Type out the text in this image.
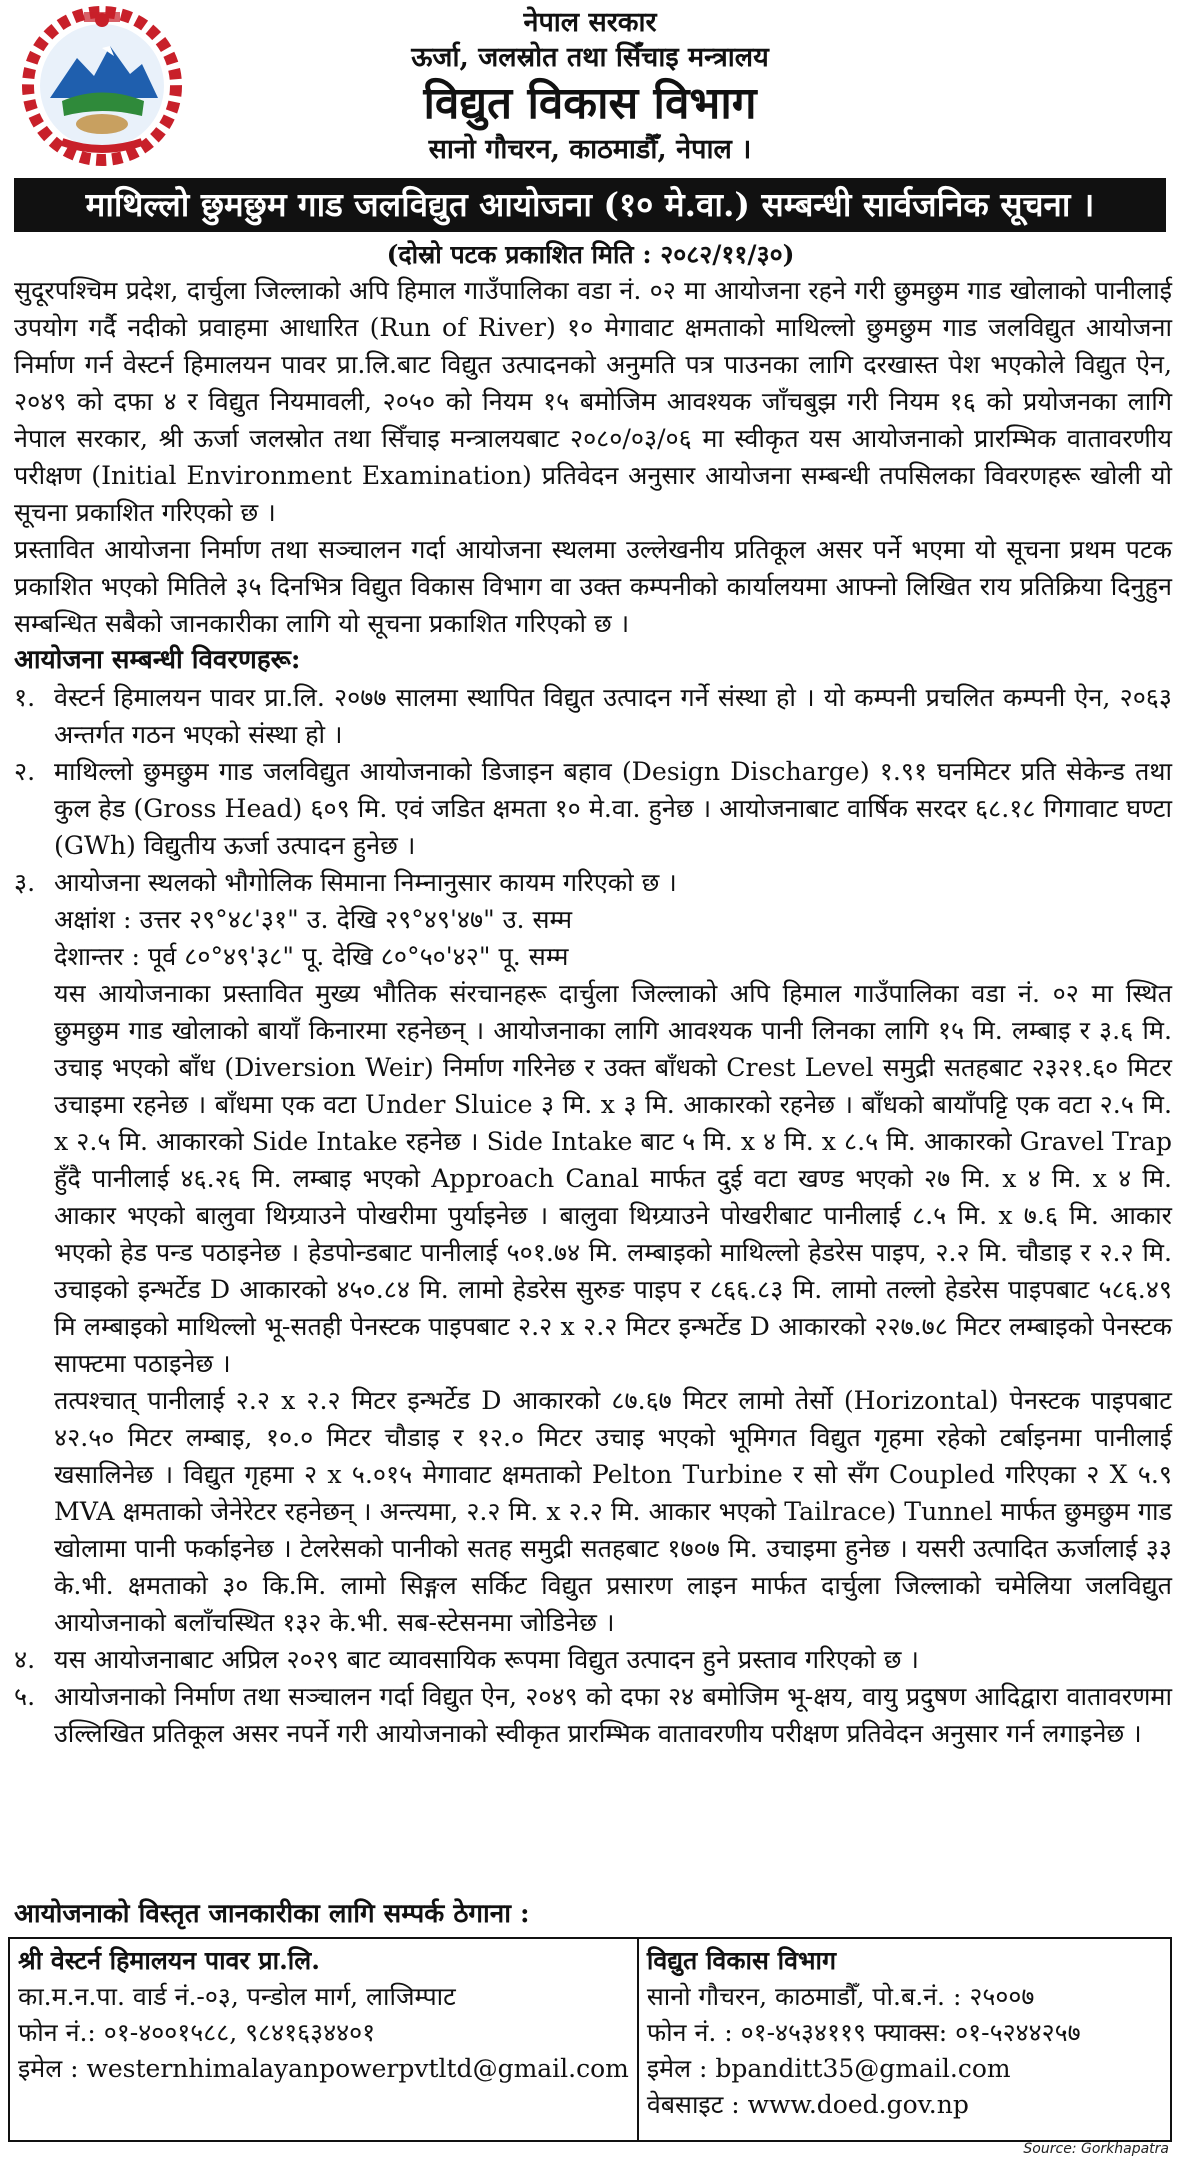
नेपाल सरकार
ऊर्जा, जलस्रोत तथा सिँचाइ मन्त्रालय
विद्युत विकास विभाग
सानो गौचरन, काठमाडौँ, नेपाल ।
माथिल्लो छुमछुम गाड जलविद्युत आयोजना (१० मे.वा.) सम्बन्धी सार्वजनिक सूचना ।
(दोस्रो पटक प्रकाशित मिति : २०८२/११/३०)

सुदूरपश्चिम प्रदेश, दार्चुला जिल्लाको अपि हिमाल गाउँपालिका वडा नं. ०२ मा आयोजना रहने गरी छुमछुम गाड खोलाको पानीलाई उपयोग गर्दै नदीको प्रवाहमा आधारित (Run of River) १० मेगावाट क्षमताको माथिल्लो छुमछुम गाड जलविद्युत आयोजना निर्माण गर्न वेस्टर्न हिमालयन पावर प्रा.लि.बाट विद्युत उत्पादनको अनुमति पत्र पाउनका लागि दरखास्त पेश भएकोले विद्युत ऐन, २०४९ को दफा ४ र विद्युत नियमावली, २०५० को नियम १५ बमोजिम आवश्यक जाँचबुझ गरी नियम १६ को प्रयोजनका लागि नेपाल सरकार, श्री ऊर्जा जलस्रोत तथा सिँचाइ मन्त्रालयबाट २०८०/०३/०६ मा स्वीकृत यस आयोजनाको प्रारम्भिक वातावरणीय परीक्षण (Initial Environment Examination) प्रतिवेदन अनुसार आयोजना सम्बन्धी तपसिलका विवरणहरू खोली यो सूचना प्रकाशित गरिएको छ ।

प्रस्तावित आयोजना निर्माण तथा सञ्चालन गर्दा आयोजना स्थलमा उल्लेखनीय प्रतिकूल असर पर्ने भएमा यो सूचना प्रथम पटक प्रकाशित भएको मितिले ३५ दिनभित्र विद्युत विकास विभाग वा उक्त कम्पनीको कार्यालयमा आफ्नो लिखित राय प्रतिक्रिया दिनुहुन सम्बन्धित सबैको जानकारीका लागि यो सूचना प्रकाशित गरिएको छ ।

आयोजना सम्बन्धी विवरणहरू:
१. वेस्टर्न हिमालयन पावर प्रा.लि. २०७७ सालमा स्थापित विद्युत उत्पादन गर्ने संस्था हो । यो कम्पनी प्रचलित कम्पनी ऐन, २०६३ अन्तर्गत गठन भएको संस्था हो ।
२. माथिल्लो छुमछुम गाड जलविद्युत आयोजनाको डिजाइन बहाव (Design Discharge) १.९१ घनमिटर प्रति सेकेन्ड तथा कुल हेड (Gross Head) ६०९ मि. एवं जडित क्षमता १० मे.वा. हुनेछ । आयोजनाबाट वार्षिक सरदर ६८.१८ गिगावाट घण्टा (GWh) विद्युतीय ऊर्जा उत्पादन हुनेछ ।
३. आयोजना स्थलको भौगोलिक सिमाना निम्नानुसार कायम गरिएको छ ।
अक्षांश : उत्तर २९°४८'३१" उ. देखि २९°४९'४७" उ. सम्म
देशान्तर : पूर्व ८०°४९'३८" पू. देखि ८०°५०'४२" पू. सम्म
यस आयोजनाका प्रस्तावित मुख्य भौतिक संरचानहरू दार्चुला जिल्लाको अपि हिमाल गाउँपालिका वडा नं. ०२ मा स्थित छुमछुम गाड खोलाको बायाँ किनारमा रहनेछन् । आयोजनाका लागि आवश्यक पानी लिनका लागि १५ मि. लम्बाइ र ३.६ मि. उचाइ भएको बाँध (Diversion Weir) निर्माण गरिनेछ र उक्त बाँधको Crest Level समुद्री सतहबाट २३२१.६० मिटर उचाइमा रहनेछ । बाँधमा एक वटा Under Sluice ३ मि. x ३ मि. आकारको रहनेछ । बाँधको बायाँपट्टि एक वटा २.५ मि. x २.५ मि. आकारको Side Intake रहनेछ । Side Intake बाट ५ मि. x ४ मि. x ८.५ मि. आकारको Gravel Trap हुँदै पानीलाई ४६.२६ मि. लम्बाइ भएको Approach Canal मार्फत दुई वटा खण्ड भएको २७ मि. x ४ मि. x ४ मि. आकार भएको बालुवा थिग्र्याउने पोखरीमा पुर्याइनेछ । बालुवा थिग्र्याउने पोखरीबाट पानीलाई ८.५ मि. x ७.६ मि. आकार भएको हेड पन्ड पठाइनेछ । हेडपोन्डबाट पानीलाई ५०१.७४ मि. लम्बाइको माथिल्लो हेडरेस पाइप, २.२ मि. चौडाइ र २.२ मि. उचाइको इन्भर्टेड D आकारको ४५०.८४ मि. लामो हेडरेस सुरुङ पाइप र ८६६.८३ मि. लामो तल्लो हेडरेस पाइपबाट ५८६.४९ मि लम्बाइको माथिल्लो भू-सतही पेनस्टक पाइपबाट २.२ x २.२ मिटर इन्भर्टेड D आकारको २२७.७८ मिटर लम्बाइको पेनस्टक साफ्टमा पठाइनेछ ।
तत्पश्चात् पानीलाई २.२ x २.२ मिटर इन्भर्टेड D आकारको ८७.६७ मिटर लामो तेर्सो (Horizontal) पेनस्टक पाइपबाट ४२.५० मिटर लम्बाइ, १०.० मिटर चौडाइ र १२.० मिटर उचाइ भएको भूमिगत विद्युत गृहमा रहेको टर्बाइनमा पानीलाई खसालिनेछ । विद्युत गृहमा २ x ५.०१५ मेगावाट क्षमताको Pelton Turbine र सो सँग Coupled गरिएका २ X ५.९ MVA क्षमताको जेनेरेटर रहनेछन् । अन्त्यमा, २.२ मि. x २.२ मि. आकार भएको Tailrace) Tunnel मार्फत छुमछुम गाड खोलामा पानी फर्काइनेछ । टेलरेसको पानीको सतह समुद्री सतहबाट १७०७ मि. उचाइमा हुनेछ । यसरी उत्पादित ऊर्जालाई ३३ के.भी. क्षमताको ३० कि.मि. लामो सिङ्गल सर्किट विद्युत प्रसारण लाइन मार्फत दार्चुला जिल्लाको चमेलिया जलविद्युत आयोजनाको बलाँचस्थित १३२ के.भी. सब-स्टेसनमा जोडिनेछ ।
४. यस आयोजनाबाट अप्रिल २०२९ बाट व्यावसायिक रूपमा विद्युत उत्पादन हुने प्रस्ताव गरिएको छ ।
५. आयोजनाको निर्माण तथा सञ्चालन गर्दा विद्युत ऐन, २०४९ को दफा २४ बमोजिम भू-क्षय, वायु प्रदुषण आदिद्वारा वातावरणमा उल्लिखित प्रतिकूल असर नपर्ने गरी आयोजनाको स्वीकृत प्रारम्भिक वातावरणीय परीक्षण प्रतिवेदन अनुसार गर्न लगाइनेछ ।
आयोजनाको विस्तृत जानकारीका लागि सम्पर्क ठेगाना :
श्री वेस्टर्न हिमालयन पावर प्रा.लि.
का.म.न.पा. वार्ड नं.-०३, पन्डोल मार्ग, लाजिम्पाट
फोन नं.: ०१-४००१५८८, ९८४१६३४४०१
इमेल : westernhimalayanpowerpvtltd@gmail.com
विद्युत विकास विभाग
सानो गौचरन, काठमाडौँ, पो.ब.नं. : २५००७
फोन नं. : ०१-४५३४११९ फ्याक्स: ०१-५२४४२५७
इमेल : bpanditt35@gmail.com
वेबसाइट : www.doed.gov.np
Source: Gorkhapatra
